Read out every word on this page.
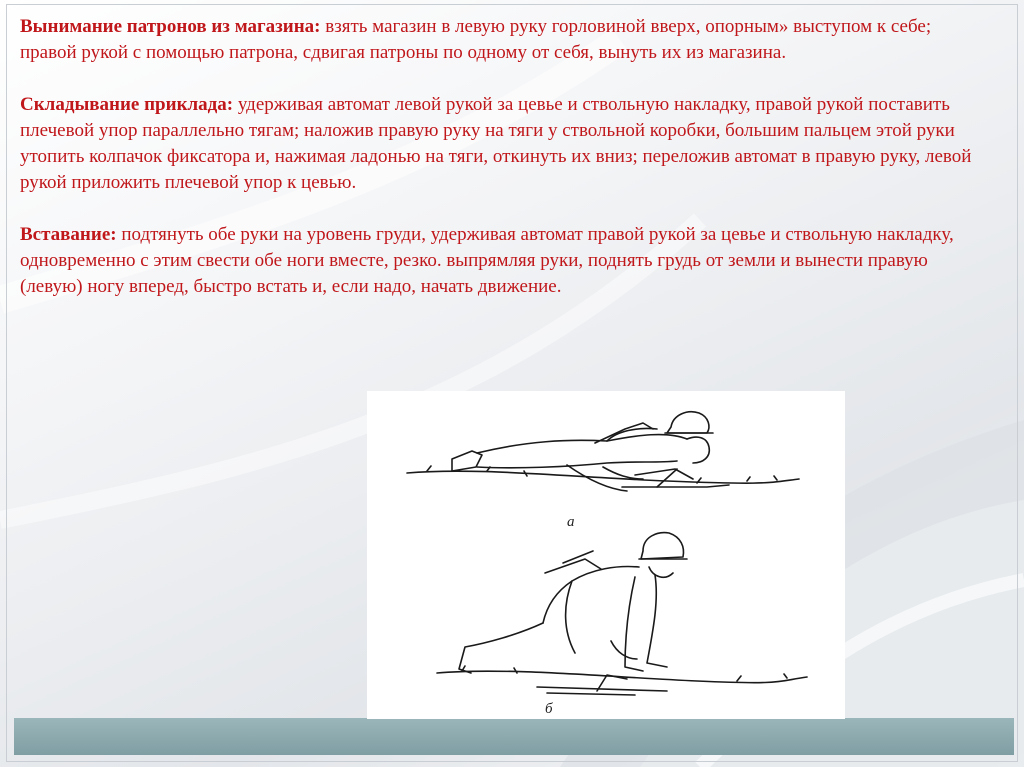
Вынимание патронов из магазина: взять магазин в левую руку горловиной вверх, опорным» выступом к себе; правой рукой с помощью патрона, сдвигая патроны по одному от себя, вынуть их из магазина.

Складывание приклада: удерживая автомат левой рукой за цевье и ствольную накладку, правой рукой поставить плечевой упор параллельно тягам; наложив правую руку на тяги у ствольной коробки, большим пальцем этой руки утопить колпачок фиксатора и, нажимая ладонью на тяги, откинуть их вниз; переложив автомат в правую руку, левой рукой приложить плечевой упор к цевью.

Вставание: подтянуть обе руки на уровень груди, удерживая автомат правой рукой за цевье и ствольную накладку, одновременно с этим свести обе ноги вместе, резко. выпрямляя руки, поднять грудь от земли и вынести правую (левую) ногу вперед, быстро встать и, если надо, начать движение.

а
б
